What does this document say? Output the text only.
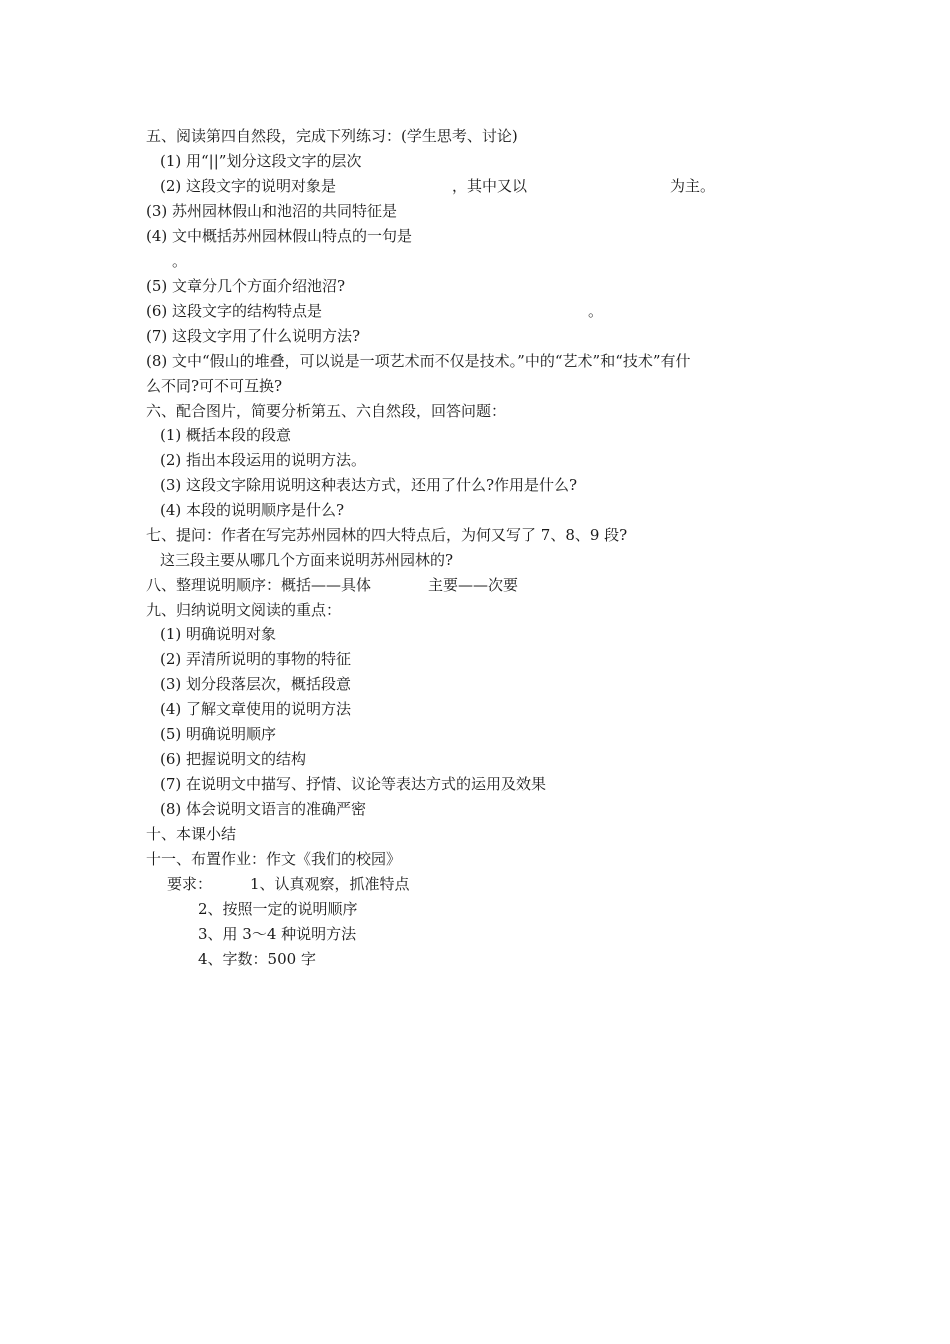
五、阅读第四自然段，完成下列练习：(学生思考、讨论)
(1) 用“||”划分这段文字的层次
(2) 这段文字的说明对象是	，其中又以	为主。
(3) 苏州园林假山和池沼的共同特征是
(4) 文中概括苏州园林假山特点的一句是
。
(5) 文章分几个方面介绍池沼?
(6) 这段文字的结构特点是	。
(7) 这段文字用了什么说明方法?
(8) 文中“假山的堆叠，可以说是一项艺术而不仅是技术。”中的“艺术”和“技术”有什
么不同?可不可互换?
六、配合图片，简要分析第五、六自然段，回答问题：
(1) 概括本段的段意
(2) 指出本段运用的说明方法。
(3) 这段文字除用说明这种表达方式，还用了什么?作用是什么?
(4) 本段的说明顺序是什么?
七、提问：作者在写完苏州园林的四大特点后，为何又写了 7、8、9 段?
这三段主要从哪几个方面来说明苏州园林的?
八、整理说明顺序：概括——具体	主要——次要
九、归纳说明文阅读的重点：
(1) 明确说明对象
(2) 弄清所说明的事物的特征
(3) 划分段落层次，概括段意
(4) 了解文章使用的说明方法
(5) 明确说明顺序
(6) 把握说明文的结构
(7) 在说明文中描写、抒情、议论等表达方式的运用及效果
(8) 体会说明文语言的准确严密
十、本课小结
十一、布置作业：作文《我们的校园》
要求：	1、认真观察，抓准特点
2、按照一定的说明顺序
3、用 3～4 种说明方法
4、字数：500 字
